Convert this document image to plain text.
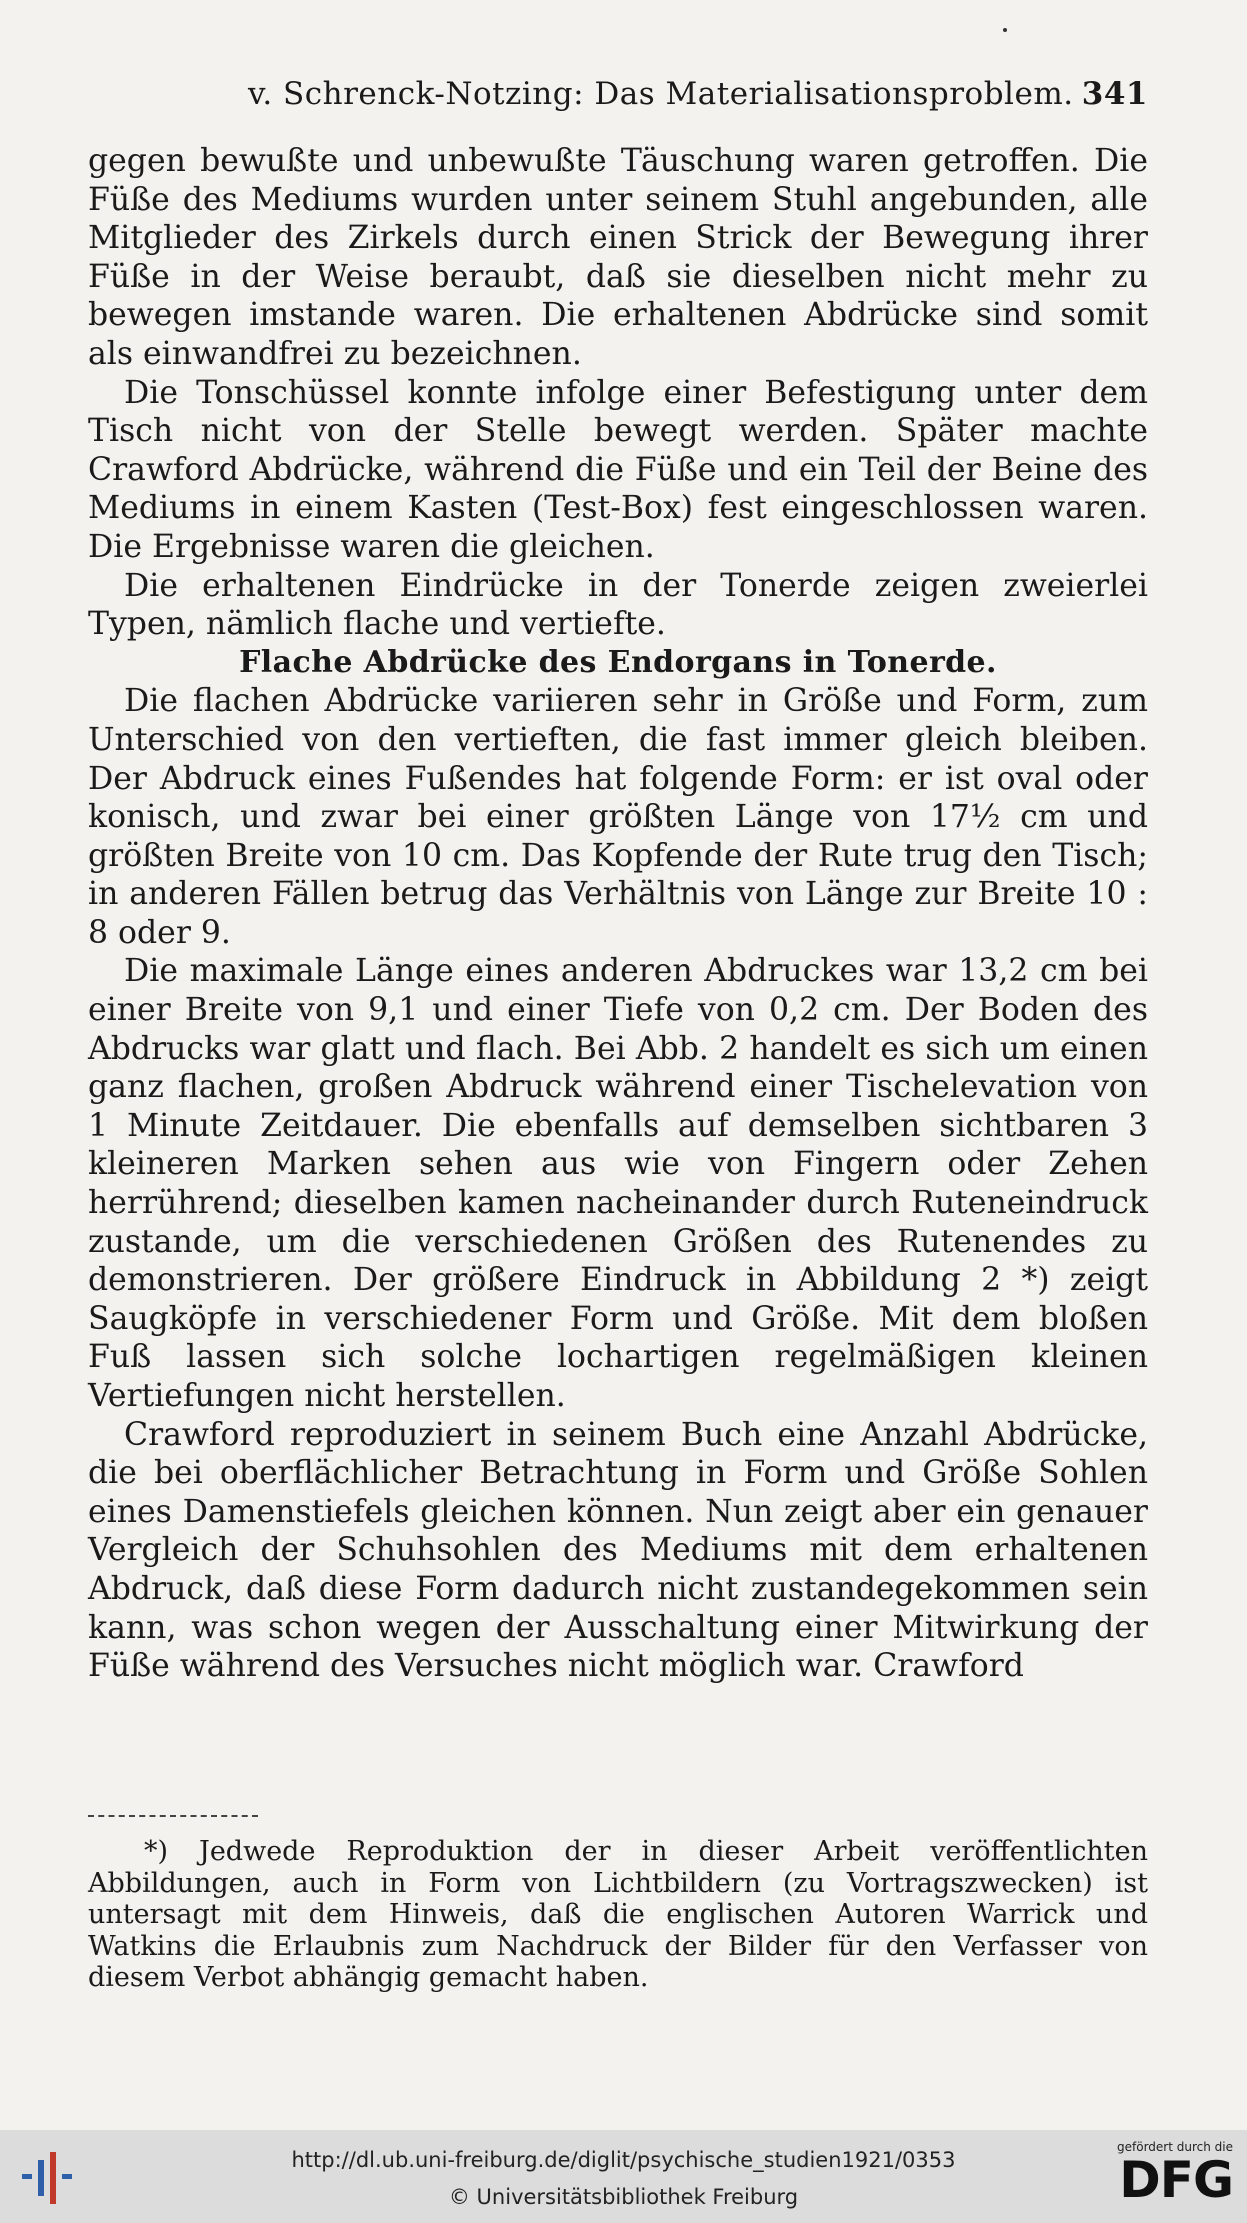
v. Schrenck-Notzing: Das Materialisationsproblem. 341

gegen bewußte und unbewußte Täuschung waren getroffen. Die Füße des Mediums wurden unter seinem Stuhl angebunden, alle Mitglieder des Zirkels durch einen Strick der Bewegung ihrer Füße in der Weise beraubt, daß sie dieselben nicht mehr zu bewegen imstande waren. Die erhaltenen Abdrücke sind somit als einwandfrei zu bezeichnen.

Die Tonschüssel konnte infolge einer Befestigung unter dem Tisch nicht von der Stelle bewegt werden. Später machte Crawford Abdrücke, während die Füße und ein Teil der Beine des Mediums in einem Kasten (Test-Box) fest eingeschlossen waren. Die Ergebnisse waren die gleichen.

Die erhaltenen Eindrücke in der Tonerde zeigen zweierlei Typen, nämlich flache und vertiefte.

Flache Abdrücke des Endorgans in Tonerde.

Die flachen Abdrücke variieren sehr in Größe und Form, zum Unterschied von den vertieften, die fast immer gleich bleiben. Der Abdruck eines Fußendes hat folgende Form: er ist oval oder konisch, und zwar bei einer größten Länge von 17½ cm und größten Breite von 10 cm. Das Kopfende der Rute trug den Tisch; in anderen Fällen betrug das Verhältnis von Länge zur Breite 10 : 8 oder 9.

Die maximale Länge eines anderen Abdruckes war 13,2 cm bei einer Breite von 9,1 und einer Tiefe von 0,2 cm. Der Boden des Abdrucks war glatt und flach. Bei Abb. 2 handelt es sich um einen ganz flachen, großen Abdruck während einer Tischelevation von 1 Minute Zeitdauer. Die ebenfalls auf demselben sichtbaren 3 kleineren Marken sehen aus wie von Fingern oder Zehen herrührend; dieselben kamen nacheinander durch Ruteneindruck zustande, um die verschiedenen Größen des Rutenendes zu demonstrieren. Der größere Eindruck in Abbildung 2 *) zeigt Saugköpfe in verschiedener Form und Größe. Mit dem bloßen Fuß lassen sich solche lochartigen regelmäßigen kleinen Vertiefungen nicht herstellen.

Crawford reproduziert in seinem Buch eine Anzahl Abdrücke, die bei oberflächlicher Betrachtung in Form und Größe Sohlen eines Damenstiefels gleichen können. Nun zeigt aber ein genauer Vergleich der Schuhsohlen des Mediums mit dem erhaltenen Abdruck, daß diese Form dadurch nicht zustandegekommen sein kann, was schon wegen der Ausschaltung einer Mitwirkung der Füße während des Versuches nicht möglich war. Crawford

*) Jedwede Reproduktion der in dieser Arbeit veröffentlichten Abbildungen, auch in Form von Lichtbildern (zu Vortragszwecken) ist untersagt mit dem Hinweis, daß die englischen Autoren Warrick und Watkins die Erlaubnis zum Nachdruck der Bilder für den Verfasser von diesem Verbot abhängig gemacht haben.

http://dl.ub.uni-freiburg.de/diglit/psychische_studien1921/0353
© Universitätsbibliothek Freiburg
gefördert durch die
DFG
